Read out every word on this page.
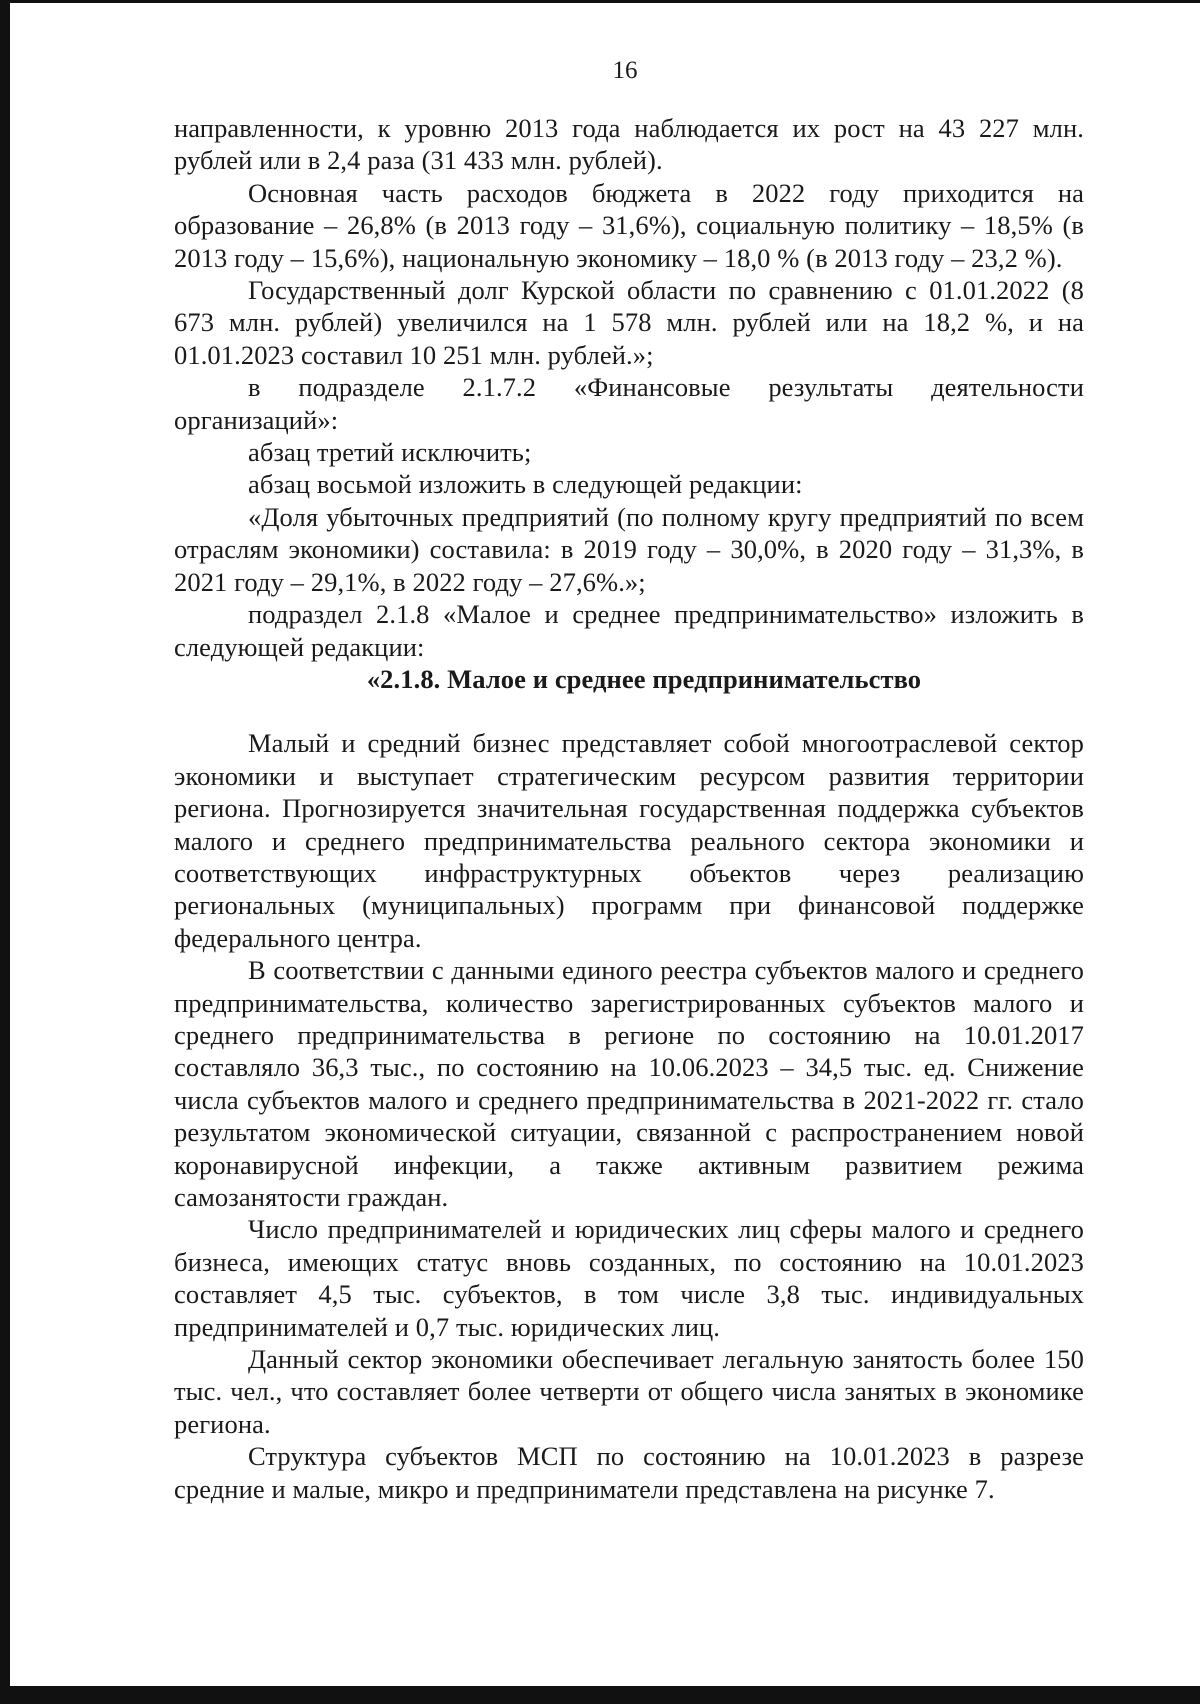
16

направленности, к уровню 2013 года наблюдается их рост на 43 227 млн. рублей или в 2,4 раза (31 433 млн. рублей).

Основная часть расходов бюджета в 2022 году приходится на образование – 26,8% (в 2013 году – 31,6%), социальную политику – 18,5% (в 2013 году – 15,6%), национальную экономику – 18,0 % (в 2013 году – 23,2 %).

Государственный долг Курской области по сравнению с 01.01.2022 (8 673 млн. рублей) увеличился на 1 578 млн. рублей или на 18,2 %, и на 01.01.2023 составил 10 251 млн. рублей.»;

в подразделе 2.1.7.2 «Финансовые результаты деятельности организаций»:

абзац третий исключить;

абзац восьмой изложить в следующей редакции:

«Доля убыточных предприятий (по полному кругу предприятий по всем отраслям экономики) составила: в 2019 году – 30,0%, в 2020 году – 31,3%, в 2021 году – 29,1%, в 2022 году – 27,6%.»;

подраздел 2.1.8 «Малое и среднее предпринимательство» изложить в следующей редакции:

«2.1.8. Малое и среднее предпринимательство

Малый и средний бизнес представляет собой многоотраслевой сектор экономики и выступает стратегическим ресурсом развития территории региона. Прогнозируется значительная государственная поддержка субъектов малого и среднего предпринимательства реального сектора экономики и соответствующих инфраструктурных объектов через реализацию региональных (муниципальных) программ при финансовой поддержке федерального центра.

В соответствии с данными единого реестра субъектов малого и среднего предпринимательства, количество зарегистрированных субъектов малого и среднего предпринимательства в регионе по состоянию на 10.01.2017 составляло 36,3 тыс., по состоянию на 10.06.2023 – 34,5 тыс. ед. Снижение числа субъектов малого и среднего предпринимательства в 2021-2022 гг. стало результатом экономической ситуации, связанной с распространением новой коронавирусной инфекции, а также активным развитием режима самозанятости граждан.

Число предпринимателей и юридических лиц сферы малого и среднего бизнеса, имеющих статус вновь созданных, по состоянию на 10.01.2023 составляет 4,5 тыс. субъектов, в том числе 3,8 тыс. индивидуальных предпринимателей и 0,7 тыс. юридических лиц.

Данный сектор экономики обеспечивает легальную занятость более 150 тыс. чел., что составляет более четверти от общего числа занятых в экономике региона.

Структура субъектов МСП по состоянию на 10.01.2023 в разрезе средние и малые, микро и предприниматели представлена на рисунке 7.
